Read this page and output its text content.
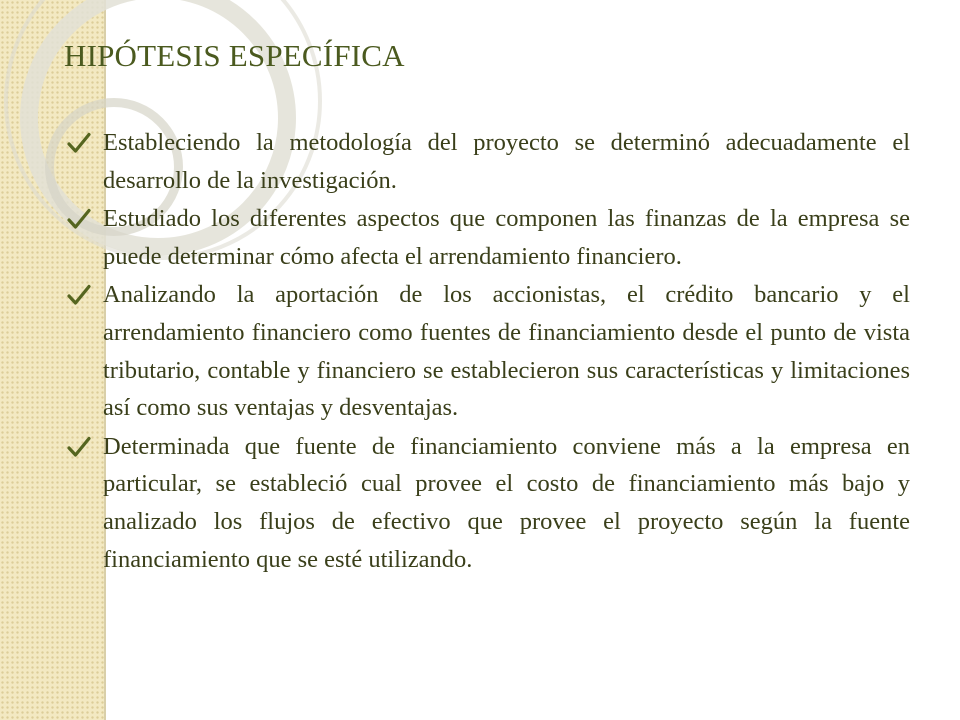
HIPÓTESIS ESPECÍFICA
Estableciendo la metodología del proyecto se determinó adecuadamente el desarrollo de la investigación.
Estudiado los diferentes aspectos que componen las finanzas de la empresa se puede determinar cómo afecta el arrendamiento financiero.
Analizando la aportación de los accionistas, el crédito bancario y el arrendamiento financiero como fuentes de financiamiento desde el punto de vista tributario, contable y financiero se establecieron sus características y limitaciones así como sus ventajas y desventajas.
Determinada que fuente de financiamiento conviene más a la empresa en particular, se estableció cual provee el costo de financiamiento más bajo y analizado los flujos de efectivo que provee el proyecto según la fuente financiamiento que se esté utilizando.
